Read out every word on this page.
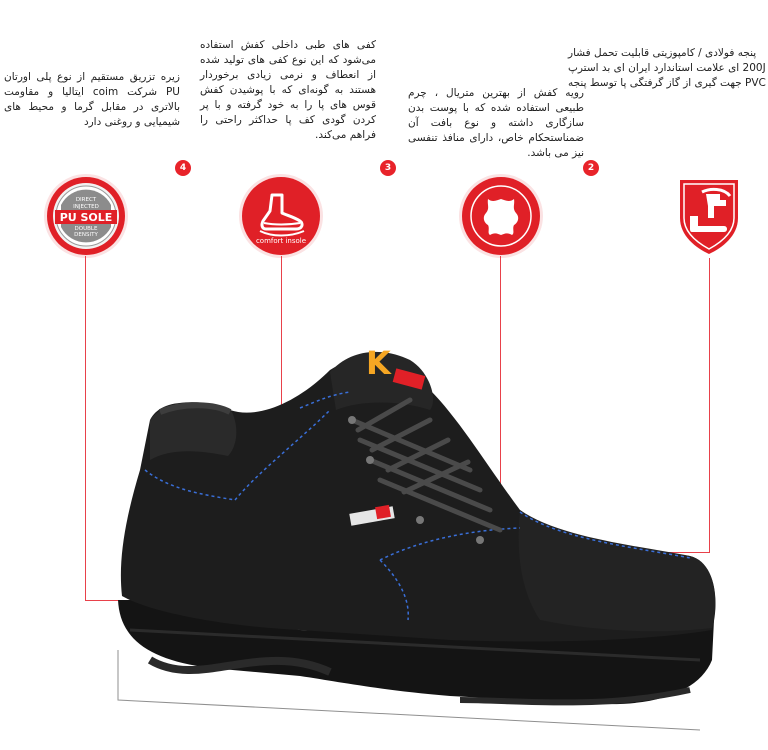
زیره تزریق مستقیم از نوع پلی اورتان PU شرکت coim ایتالیا و مقاومت بالاتری در مقابل گرما و محیط های شیمیایی و روغنی دارد
کفی های طبی داخلی کفش استفاده می‌شود که این نوع کفی های تولید شده از انعطاف و نرمی زیادی برخوردار هستند به گونه‌ای که با پوشیدن کفش قوس های پا را به خود گرفته و با پر کردن گودی کف پا حداکثر راحتی را فراهم می‌کند.
رویه کفش از بهترین متریال ، چرم طبیعی استفاده شده که با پوست بدن سازگاری داشته و نوع بافت آن ضمناستحکام خاص، دارای منافذ تنفسی نیز می باشد.
پنجه فولادی / کامپوزیتی قابلیت تحمل فشار 200J ای علامت استاندارد ایران ای بد استرپ PVC جهت گیری از گاز گرفتگی پا توسط پنجه
4	3	2
DIRECT
INJECTED
PU SOLE
DOUBLE
DENSITY
comfort insole
K
